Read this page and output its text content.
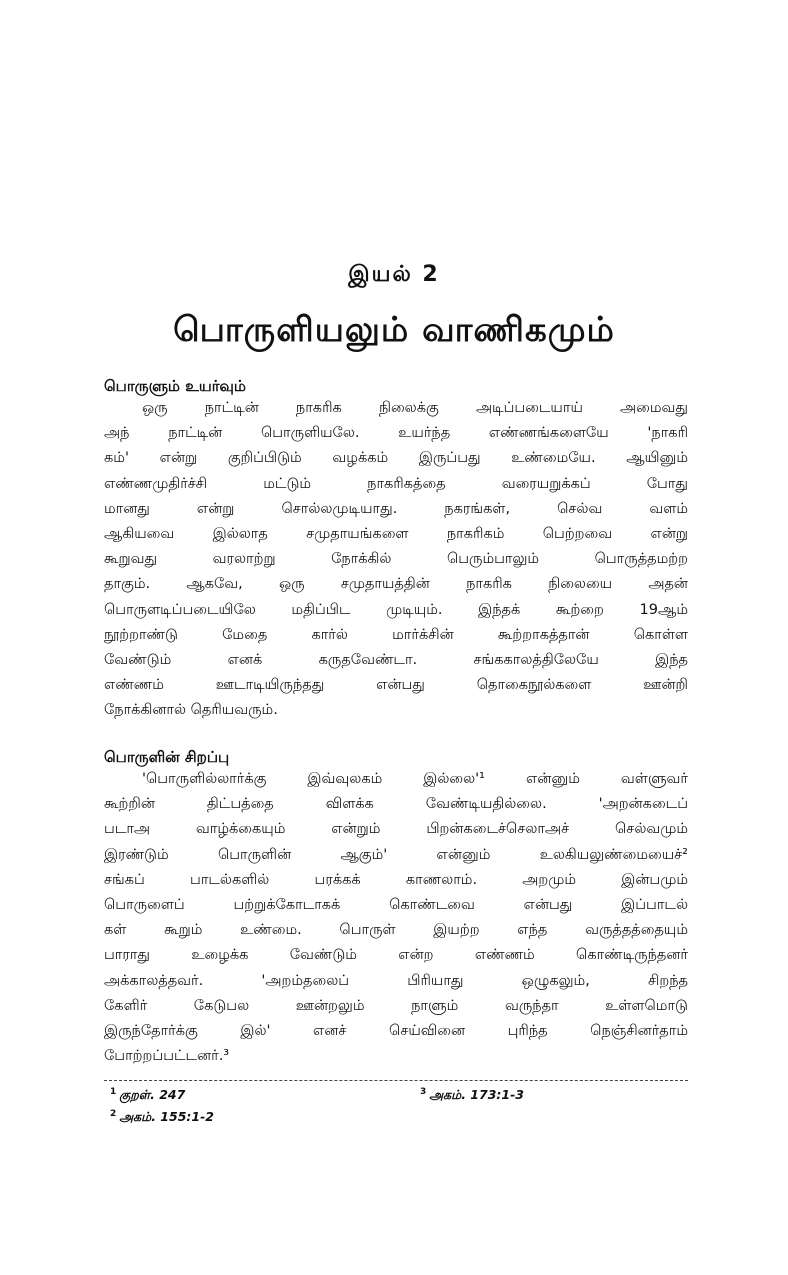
இயல் 2
பொருளியலும் வாணிகமும்
பொருளும் உயர்வும்
ஒரு நாட்டின் நாகரிக நிலைக்கு அடிப்படையாய் அமைவது
அந் நாட்டின் பொருளியலே. உயர்ந்த எண்ணங்களையே 'நாகரி
கம்' என்று குறிப்பிடும் வழக்கம் இருப்பது உண்மையே. ஆயினும்
எண்ணமுதிர்ச்சி மட்டும் நாகரிகத்தை வரையறுக்கப் போது
மானது என்று சொல்லமுடியாது. நகரங்கள், செல்வ வளம்
ஆகியவை இல்லாத சமுதாயங்களை நாகரிகம் பெற்றவை என்று
கூறுவது வரலாற்று நோக்கில் பெரும்பாலும் பொருத்தமற்ற
தாகும். ஆகவே, ஒரு சமுதாயத்தின் நாகரிக நிலையை அதன்
பொருளடிப்படையிலே மதிப்பிட முடியும். இந்தக் கூற்றை 19ஆம்
நூற்றாண்டு மேதை கார்ல் மார்க்சின் கூற்றாகத்தான் கொள்ள
வேண்டும் எனக் கருதவேண்டா. சங்ககாலத்திலேயே இந்த
எண்ணம் ஊடாடியிருந்தது என்பது தொகைநூல்களை ஊன்றி
நோக்கினால் தெரியவரும்.
பொருளின் சிறப்பு
'பொருளில்லார்க்கு இவ்வுலகம் இல்லை'¹ என்னும் வள்ளுவர்
கூற்றின் திட்பத்தை விளக்க வேண்டியதில்லை. 'அறன்கடைப்
படாஅ வாழ்க்கையும் என்றும் பிறன்கடைச்செலாஅச் செல்வமும்
இரண்டும் பொருளின் ஆகும்' என்னும் உலகியலுண்மையைச்²
சங்கப் பாடல்களில் பரக்கக் காணலாம். அறமும் இன்பமும்
பொருளைப் பற்றுக்கோடாகக் கொண்டவை என்பது இப்பாடல்
கள் கூறும் உண்மை. பொருள் இயற்ற எந்த வருத்தத்தையும்
பாராது உழைக்க வேண்டும் என்ற எண்ணம் கொண்டிருந்தனர்
அக்காலத்தவர். 'அறம்தலைப் பிரியாது ஒழுகலும், சிறந்த
கேளிர் கேடுபல ஊன்றலும் நாளும் வருந்தா உள்ளமொடு
இருந்தோர்க்கு இல்' எனச் செய்வினை புரிந்த நெஞ்சினர்தாம்
போற்றப்பட்டனர்.³
$^1$ குறள். 247
$^2$ அகம். 155:1-2
$^3$ அகம். 173:1-3
